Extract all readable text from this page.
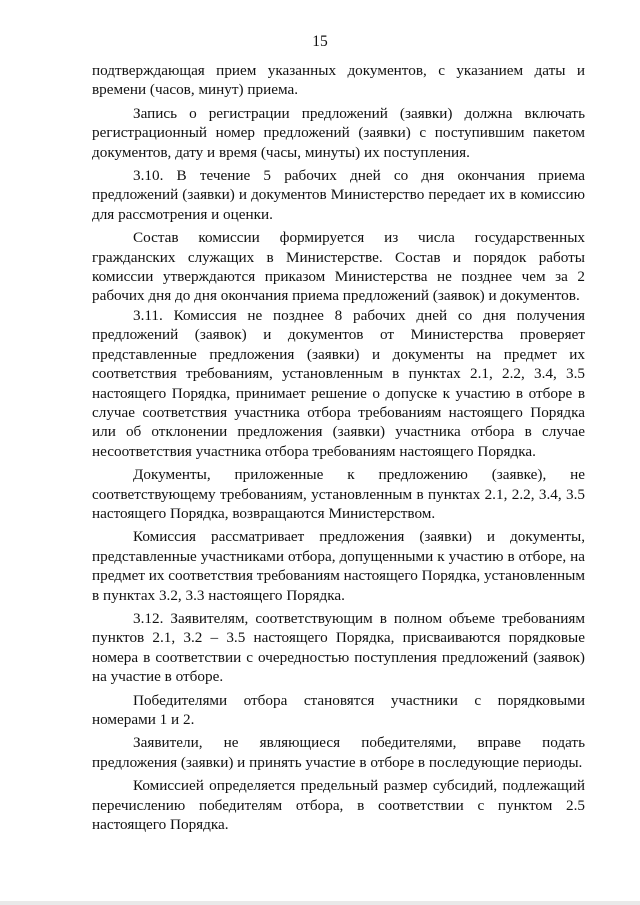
15

подтверждающая прием указанных документов, с указанием даты и времени (часов, минут) приема.

Запись о регистрации предложений (заявки) должна включать регистрационный номер предложений (заявки) с поступившим пакетом документов, дату и время (часы, минуты) их поступления.

3.10. В течение 5 рабочих дней со дня окончания приема предложений (заявки) и документов Министерство передает их в комиссию для рассмотрения и оценки.

Состав комиссии формируется из числа государственных гражданских служащих в Министерстве. Состав и порядок работы комиссии утверждаются приказом Министерства не позднее чем за 2 рабочих дня до дня окончания приема предложений (заявок) и документов.

3.11. Комиссия не позднее 8 рабочих дней со дня получения предложений (заявок) и документов от Министерства проверяет представленные предложения (заявки) и документы на предмет их соответствия требованиям, установленным в пунктах 2.1, 2.2, 3.4, 3.5 настоящего Порядка, принимает решение о допуске к участию в отборе в случае соответствия участника отбора требованиям настоящего Порядка или об отклонении предложения (заявки) участника отбора в случае несоответствия участника отбора требованиям настоящего Порядка.

Документы, приложенные к предложению (заявке), не соответствующему требованиям, установленным в пунктах 2.1, 2.2, 3.4, 3.5 настоящего Порядка, возвращаются Министерством.

Комиссия рассматривает предложения (заявки) и документы, представленные участниками отбора, допущенными к участию в отборе, на предмет их соответствия требованиям настоящего Порядка, установленным в пунктах 3.2, 3.3 настоящего Порядка.

3.12. Заявителям, соответствующим в полном объеме требованиям пунктов 2.1, 3.2 – 3.5 настоящего Порядка, присваиваются порядковые номера в соответствии с очередностью поступления предложений (заявок) на участие в отборе.

Победителями отбора становятся участники с порядковыми номерами 1 и 2.

Заявители, не являющиеся победителями, вправе подать предложения (заявки) и принять участие в отборе в последующие периоды.

Комиссией определяется предельный размер субсидий, подлежащий перечислению победителям отбора, в соответствии с пунктом 2.5 настоящего Порядка.
